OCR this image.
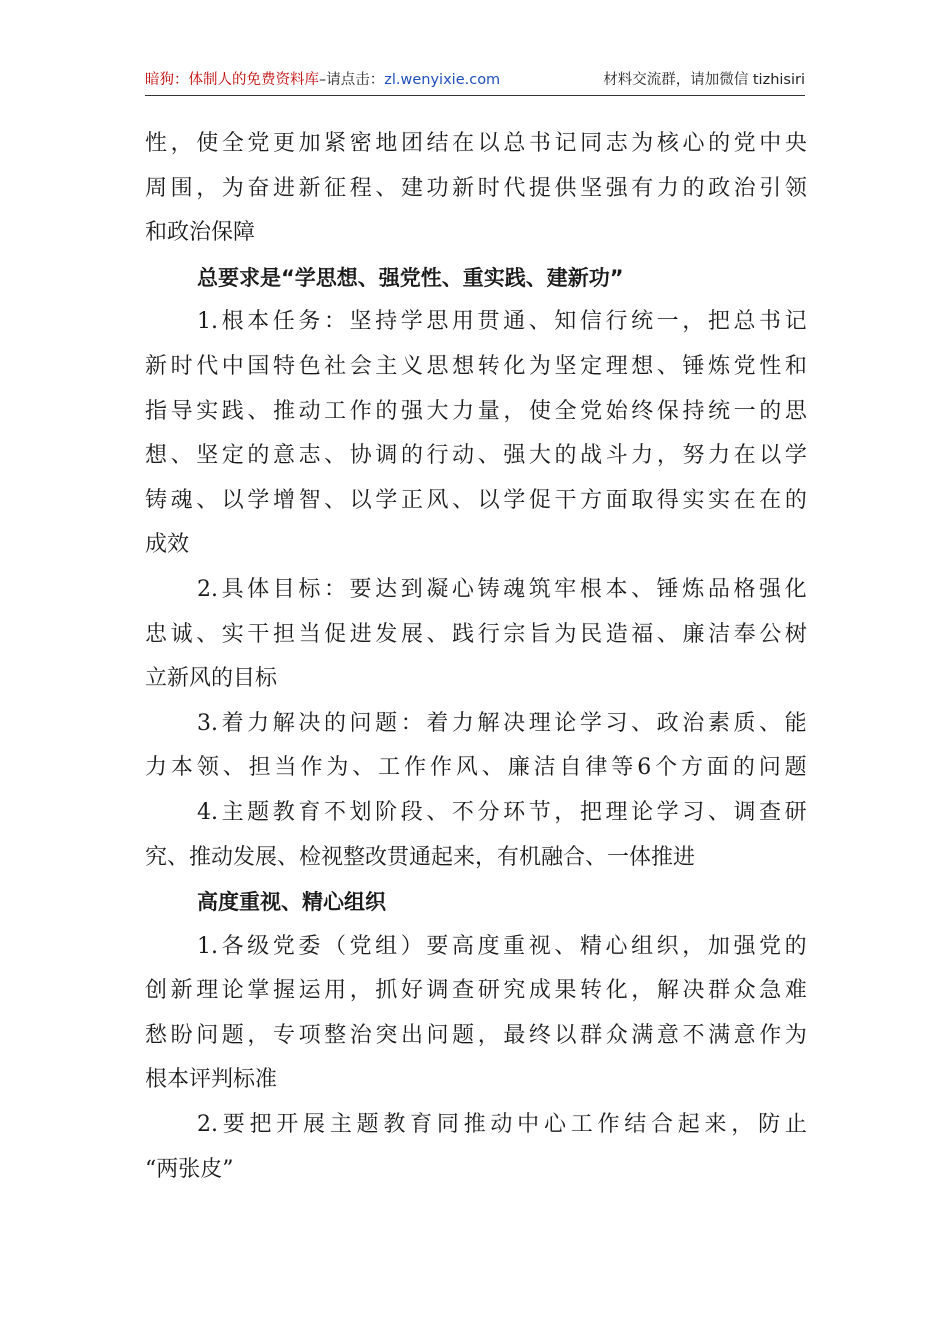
暗狗：体制人的免费资料库–请点击：zl.wenyixie.com	材料交流群，请加微信 tizhisiri
性 ， 使 全 党 更 加 紧 密 地 团 结 在 以 总 书 记 同 志 为 核 心 的 党 中 央
周 围 ， 为 奋 进 新 征 程 、 建 功 新 时 代 提 供 坚 强 有 力 的 政 治 引 领
和政治保障
总要求是“学思想、强党性、重实践、建新功”
1. 根 本 任 务 ： 坚 持 学 思 用 贯 通 、 知 信 行 统 一 ， 把 总 书 记
新 时 代 中 国 特 色 社 会 主 义 思 想 转 化 为 坚 定 理 想 、 锤 炼 党 性 和
指 导 实 践 、 推 动 工 作 的 强 大 力 量 ， 使 全 党 始 终 保 持 统 一 的 思
想 、 坚 定 的 意 志 、 协 调 的 行 动 、 强 大 的 战 斗 力 ， 努 力 在 以 学
铸 魂 、 以 学 增 智 、 以 学 正 风 、 以 学 促 干 方 面 取 得 实 实 在 在 的
成效
2. 具 体 目 标 ： 要 达 到 凝 心 铸 魂 筑 牢 根 本 、 锤 炼 品 格 强 化
忠 诚 、 实 干 担 当 促 进 发 展 、 践 行 宗 旨 为 民 造 福 、 廉 洁 奉 公 树
立新风的目标
3. 着 力 解 决 的 问 题 ： 着 力 解 决 理 论 学 习 、 政 治 素 质 、 能
力 本 领 、 担 当 作 为 、 工 作 作 风 、 廉 洁 自 律 等 6 个 方 面 的 问 题
4. 主 题 教 育 不 划 阶 段 、 不 分 环 节 ， 把 理 论 学 习 、 调 查 研
究、推动发展、检视整改贯通起来，有机融合、一体推进
高度重视、精心组织
1. 各 级 党 委 （ 党 组 ） 要 高 度 重 视 、 精 心 组 织 ， 加 强 党 的
创 新 理 论 掌 握 运 用 ， 抓 好 调 查 研 究 成 果 转 化 ， 解 决 群 众 急 难
愁 盼 问 题 ， 专 项 整 治 突 出 问 题 ， 最 终 以 群 众 满 意 不 满 意 作 为
根本评判标准
2. 要 把 开 展 主 题 教 育 同 推 动 中 心 工 作 结 合 起 来 ， 防 止
“两张皮”
